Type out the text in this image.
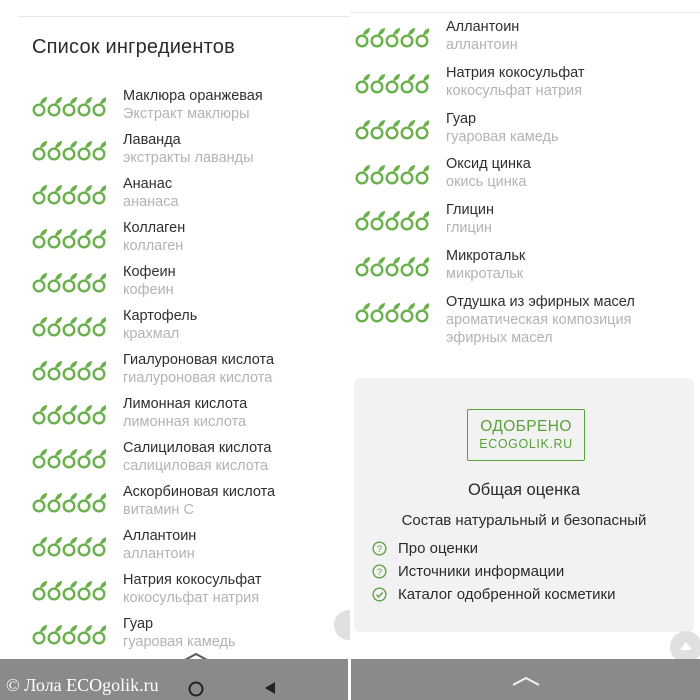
Список ингредиентов
Маклюра оранжевая
Экстракт маклюры
Лаванда
экстракты лаванды
Ананас
ананаса
Коллаген
коллаген
Кофеин
кофеин
Картофель
крахмал
Гиалуроновая кислота
гиалуроновая кислота
Лимонная кислота
лимонная кислота
Салициловая кислота
салициловая кислота
Аскорбиновая кислота
витамин С
Аллантоин
аллантоин
Натрия кокосульфат
кокосульфат натрия
Гуар
гуаровая камедь
Аллантоин
аллантоин
Натрия кокосульфат
кокосульфат натрия
Гуар
гуаровая камедь
Оксид цинка
окись цинка
Глицин
глицин
Микротальк
микротальк
Отдушка из эфирных масел
ароматическая композиция эфирных масел
ОДОБРЕНО
ECOGOLIK.RU
Общая оценка
Состав натуральный и безопасный
? Про оценки
? Источники информации
Каталог одобренной косметики
© Лола ECOgolik.ru
